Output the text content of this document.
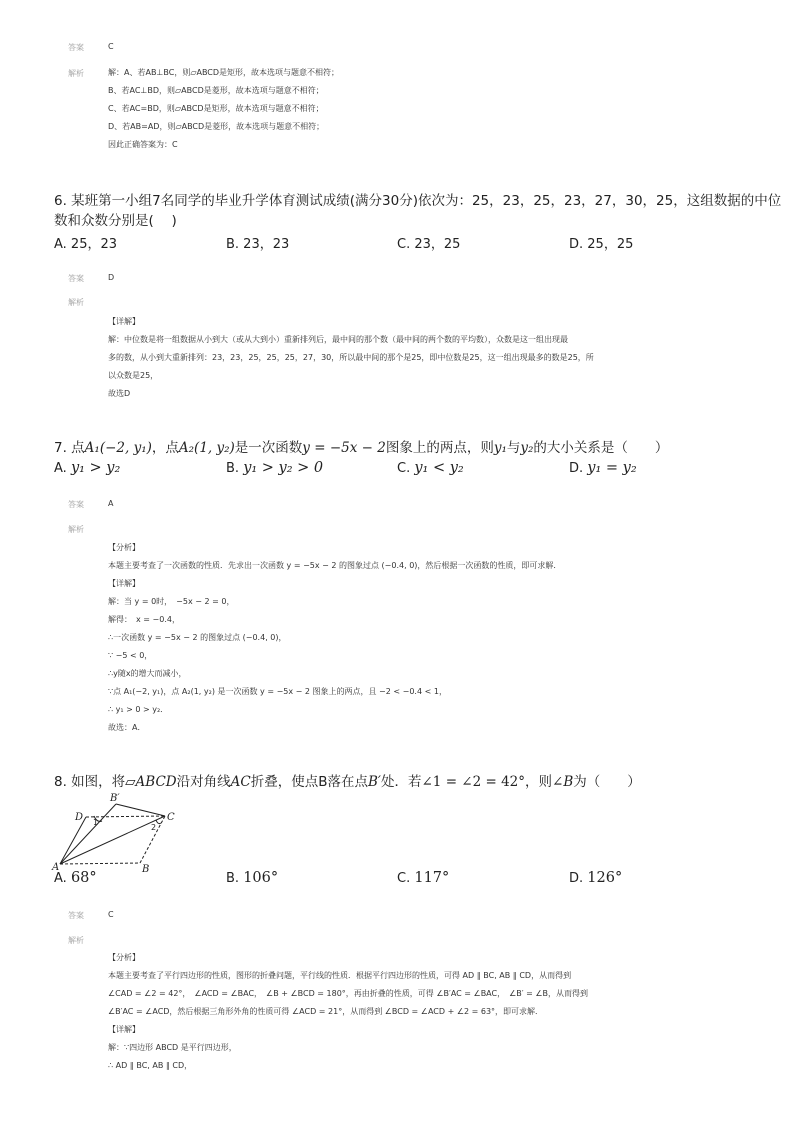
答案	C
解析	解：A、若AB⊥BC，则▱ABCD是矩形，故本选项与题意不相符；
B、若AC⊥BD，则▱ABCD是菱形，故本选项与题意不相符；
C、若AC=BD，则▱ABCD是矩形，故本选项与题意不相符；
D、若AB=AD，则▱ABCD是菱形，故本选项与题意不相符；
因此正确答案为：C
6. 某班第一小组7名同学的毕业升学体育测试成绩(满分30分)依次为：25，23，25，23，27，30，25，这组数据的中位
数和众数分别是(　 )
A. 25，23	B. 23，23	C. 23，25	D. 25，25
答案	D
解析
【详解】
解：中位数是将一组数据从小到大（或从大到小）重新排列后，最中间的那个数（最中间的两个数的平均数），众数是这一组出现最
多的数，从小到大重新排列：23，23，25，25，25，27，30，所以最中间的那个是25，即中位数是25，这一组出现最多的数是25，所
以众数是25，
故选D
7. 点A₁(−2, y₁)，点A₂(1, y₂)是一次函数y = −5x − 2图象上的两点，则y₁与y₂的大小关系是（　　）
A. y₁ > y₂	B. y₁ > y₂ > 0	C. y₁ < y₂	D. y₁ = y₂
答案	A
解析
【分析】
本题主要考查了一次函数的性质．先求出一次函数 y = −5x − 2 的图象过点 (−0.4, 0)，然后根据一次函数的性质，即可求解．
【详解】
解：当 y = 0时，　−5x − 2 = 0，
解得：　x = −0.4，
∴一次函数 y = −5x − 2 的图象过点 (−0.4, 0)，
∵ −5 < 0，
∴y随x的增大而减小，
∵点 A₁(−2, y₁)，点 A₂(1, y₂) 是一次函数 y = −5x − 2 图象上的两点，且 −2 < −0.4 < 1，
∴ y₁ > 0 > y₂．
故选：A．
8. 如图，将▱ABCD沿对角线AC折叠，使点B落在点B′处．若∠1 = ∠2 = 42°，则∠B为（　　）
B′
D	C
A	B
1
2
A. 68°	B. 106°	C. 117°	D. 126°
答案	C
解析
【分析】
本题主要考查了平行四边形的性质，图形的折叠问题，平行线的性质．根据平行四边形的性质，可得 AD ∥ BC, AB ∥ CD，从而得到
∠CAD = ∠2 = 42°，　∠ACD = ∠BAC，　∠B + ∠BCD = 180°，再由折叠的性质，可得 ∠B′AC = ∠BAC，　∠B′ = ∠B，从而得到
∠B′AC = ∠ACD，然后根据三角形外角的性质可得 ∠ACD = 21°，从而得到 ∠BCD = ∠ACD + ∠2 = 63°，即可求解．
【详解】
解：∵四边形 ABCD 是平行四边形，
∴ AD ∥ BC, AB ∥ CD，
